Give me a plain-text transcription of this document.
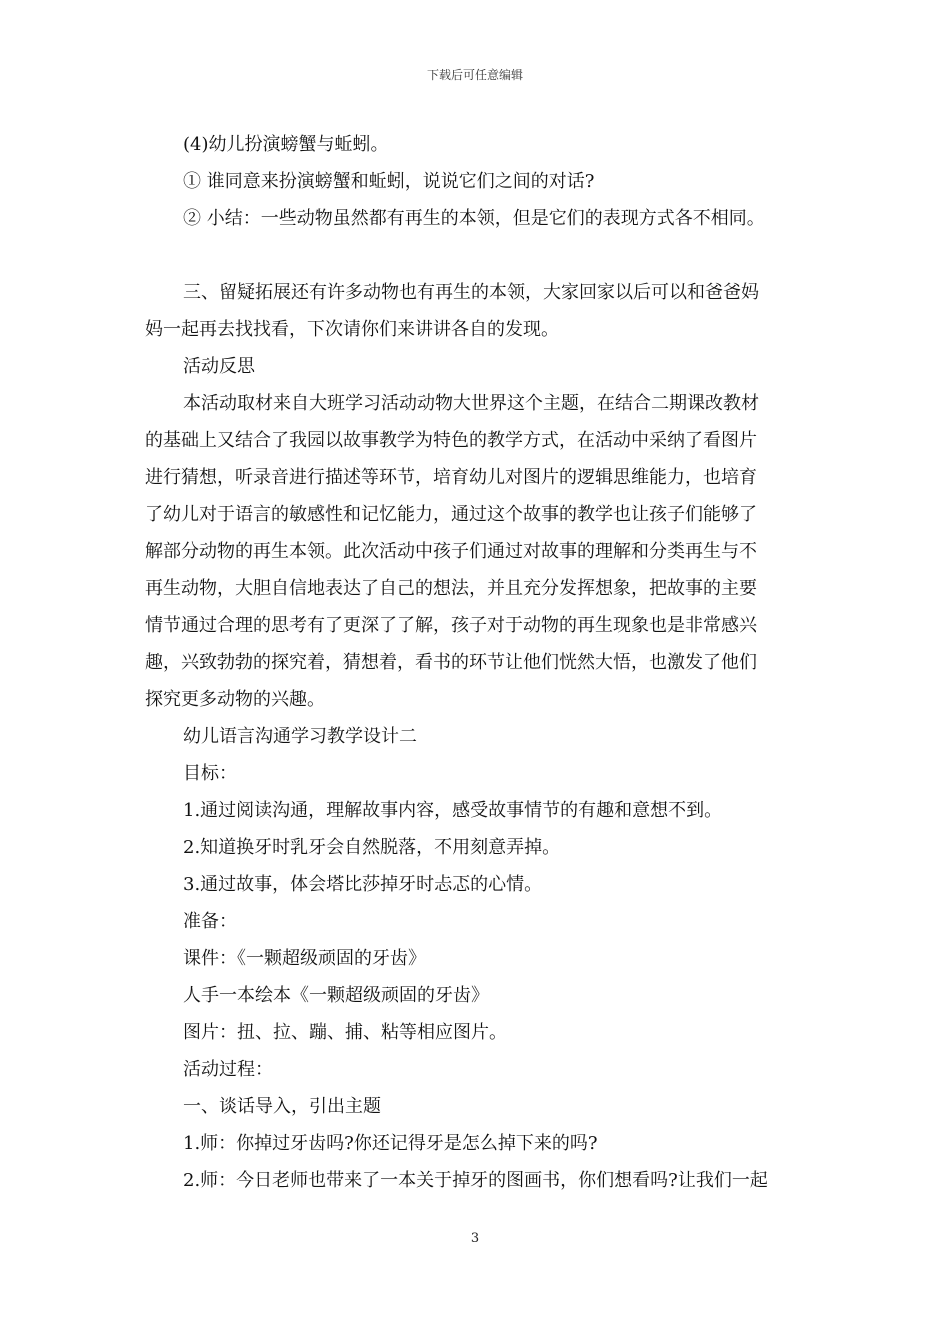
下载后可任意编辑
(4)幼儿扮演螃蟹与蚯蚓。
① 谁同意来扮演螃蟹和蚯蚓，说说它们之间的对话?
② 小结：一些动物虽然都有再生的本领，但是它们的表现方式各不相同。
三、留疑拓展还有许多动物也有再生的本领，大家回家以后可以和爸爸妈
妈一起再去找找看，下次请你们来讲讲各自的发现。
活动反思
本活动取材来自大班学习活动动物大世界这个主题，在结合二期课改教材
的基础上又结合了我园以故事教学为特色的教学方式，在活动中采纳了看图片
进行猜想，听录音进行描述等环节，培育幼儿对图片的逻辑思维能力，也培育
了幼儿对于语言的敏感性和记忆能力，通过这个故事的教学也让孩子们能够了
解部分动物的再生本领。此次活动中孩子们通过对故事的理解和分类再生与不
再生动物，大胆自信地表达了自己的想法，并且充分发挥想象，把故事的主要
情节通过合理的思考有了更深了了解，孩子对于动物的再生现象也是非常感兴
趣，兴致勃勃的探究着，猜想着，看书的环节让他们恍然大悟，也激发了他们
探究更多动物的兴趣。
幼儿语言沟通学习教学设计二
目标：
1.通过阅读沟通，理解故事内容，感受故事情节的有趣和意想不到。
2.知道换牙时乳牙会自然脱落，不用刻意弄掉。
3.通过故事，体会塔比莎掉牙时忐忑的心情。
准备：
课件：《一颗超级顽固的牙齿》
人手一本绘本《一颗超级顽固的牙齿》
图片：扭、拉、蹦、捕、粘等相应图片。
活动过程：
一、谈话导入，引出主题
1.师：你掉过牙齿吗?你还记得牙是怎么掉下来的吗?
2.师：今日老师也带来了一本关于掉牙的图画书，你们想看吗?让我们一起
3
